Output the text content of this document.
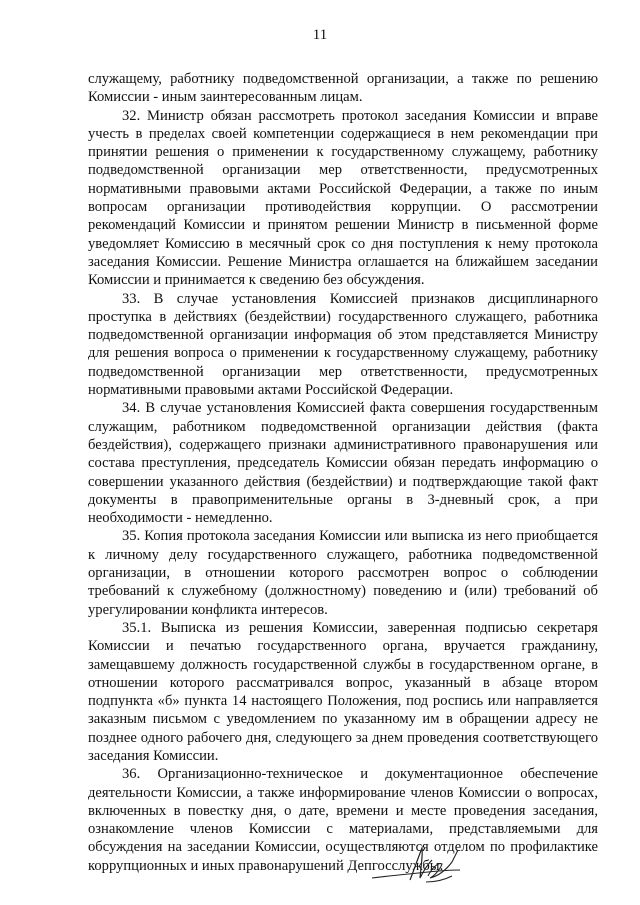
11

служащему, работнику подведомственной организации, а также по решению Комиссии - иным заинтересованным лицам.

32. Министр обязан рассмотреть протокол заседания Комиссии и вправе учесть в пределах своей компетенции содержащиеся в нем рекомендации при принятии решения о применении к государственному служащему, работнику подведомственной организации мер ответственности, предусмотренных нормативными правовыми актами Российской Федерации, а также по иным вопросам организации противодействия коррупции. О рассмотрении рекомендаций Комиссии и принятом решении Министр в письменной форме уведомляет Комиссию в месячный срок со дня поступления к нему протокола заседания Комиссии. Решение Министра оглашается на ближайшем заседании Комиссии и принимается к сведению без обсуждения.

33. В случае установления Комиссией признаков дисциплинарного проступка в действиях (бездействии) государственного служащего, работника подведомственной организации информация об этом представляется Министру для решения вопроса о применении к государственному служащему, работнику подведомственной организации мер ответственности, предусмотренных нормативными правовыми актами Российской Федерации.

34. В случае установления Комиссией факта совершения государственным служащим, работником подведомственной организации действия (факта бездействия), содержащего признаки административного правонарушения или состава преступления, председатель Комиссии обязан передать информацию о совершении указанного действия (бездействии) и подтверждающие такой факт документы в правоприменительные органы в 3-дневный срок, а при необходимости - немедленно.

35. Копия протокола заседания Комиссии или выписка из него приобщается к личному делу государственного служащего, работника подведомственной организации, в отношении которого рассмотрен вопрос о соблюдении требований к служебному (должностному) поведению и (или) требований об урегулировании конфликта интересов.

35.1. Выписка из решения Комиссии, заверенная подписью секретаря Комиссии и печатью государственного органа, вручается гражданину, замещавшему должность государственной службы в государственном органе, в отношении которого рассматривался вопрос, указанный в абзаце втором подпункта «б» пункта 14 настоящего Положения, под роспись или направляется заказным письмом с уведомлением по указанному им в обращении адресу не позднее одного рабочего дня, следующего за днем проведения соответствующего заседания Комиссии.

36. Организационно-техническое и документационное обеспечение деятельности Комиссии, а также информирование членов Комиссии о вопросах, включенных в повестку дня, о дате, времени и месте проведения заседания, ознакомление членов Комиссии с материалами, представляемыми для обсуждения на заседании Комиссии, осуществляются отделом по профилактике коррупционных и иных правонарушений Депгосслужбы.
